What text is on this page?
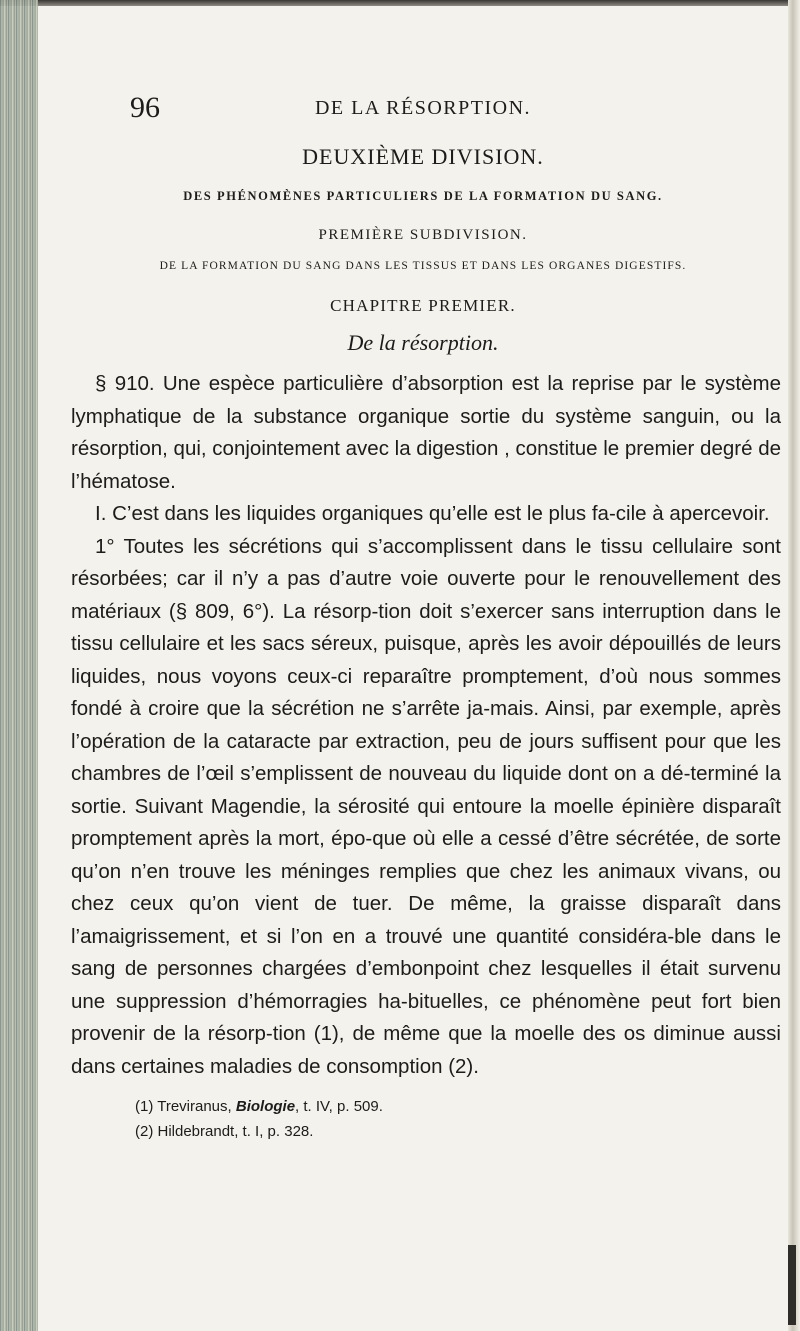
96	DE LA RÉSORPTION.
DEUXIÈME DIVISION.
DES PHÉNOMÈNES PARTICULIERS DE LA FORMATION DU SANG.
PREMIÈRE SUBDIVISION.
DE LA FORMATION DU SANG DANS LES TISSUS ET DANS LES ORGANES DIGESTIFS.
CHAPITRE PREMIER.
De la résorption.

§ 910. Une espèce particulière d’absorption est la reprise par le système lymphatique de la substance organique sortie du système sanguin, ou la résorption, qui, conjointement avec la digestion , constitue le premier degré de l’hématose.

I. C’est dans les liquides organiques qu’elle est le plus fa-cile à apercevoir.

1° Toutes les sécrétions qui s’accomplissent dans le tissu cellulaire sont résorbées; car il n’y a pas d’autre voie ouverte pour le renouvellement des matériaux (§ 809, 6°). La résorp-tion doit s’exercer sans interruption dans le tissu cellulaire et les sacs séreux, puisque, après les avoir dépouillés de leurs liquides, nous voyons ceux-ci reparaître promptement, d’où nous sommes fondé à croire que la sécrétion ne s’arrête ja-mais. Ainsi, par exemple, après l’opération de la cataracte par extraction, peu de jours suffisent pour que les chambres de l’œil s’emplissent de nouveau du liquide dont on a dé-terminé la sortie. Suivant Magendie, la sérosité qui entoure la moelle épinière disparaît promptement après la mort, épo-que où elle a cessé d’être sécrétée, de sorte qu’on n’en trouve les méninges remplies que chez les animaux vivans, ou chez ceux qu’on vient de tuer. De même, la graisse disparaît dans l’amaigrissement, et si l’on en a trouvé une quantité considéra-ble dans le sang de personnes chargées d’embonpoint chez lesquelles il était survenu une suppression d’hémorragies ha-bituelles, ce phénomène peut fort bien provenir de la résorp-tion (1), de même que la moelle des os diminue aussi dans certaines maladies de consomption (2).

(1) Treviranus, Biologie, t. IV, p. 509.

(2) Hildebrandt, t. I, p. 328.
